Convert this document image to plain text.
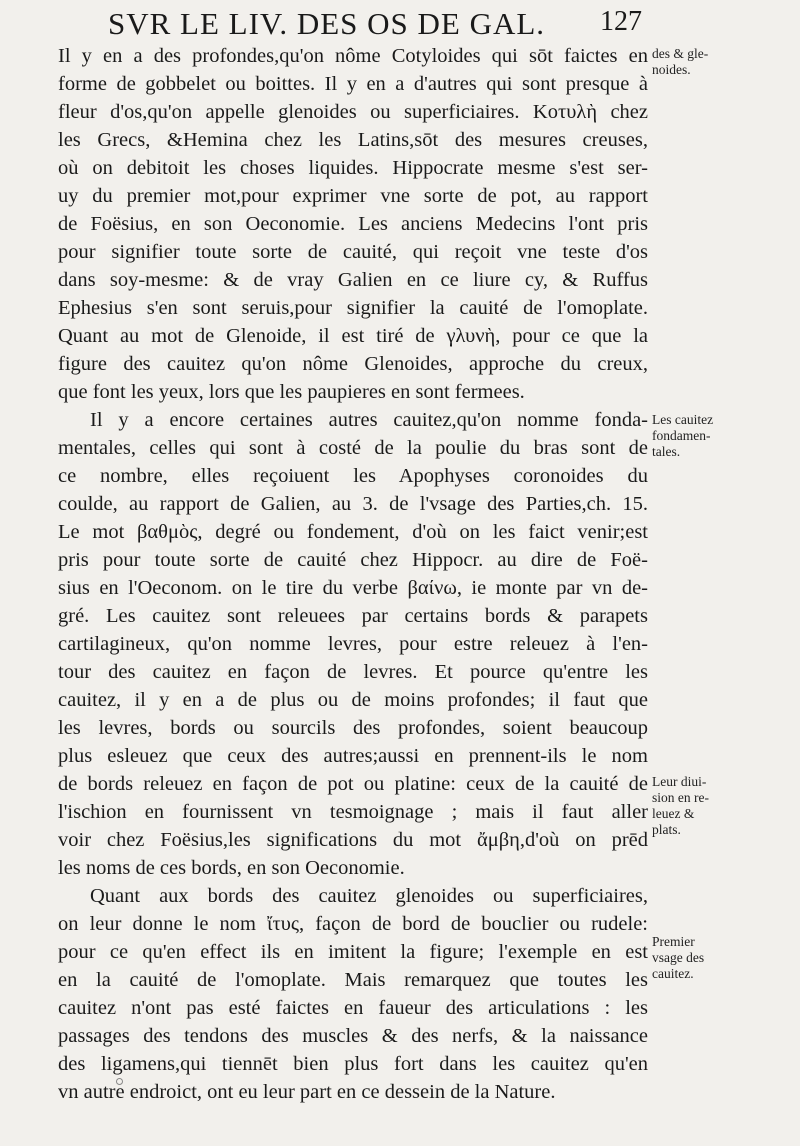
SVR LE LIV. DES OS DE GAL. 127
Il y en a des profondes,qu'on nôme Cotyloides qui sōt faictes en
forme de gobbelet ou boittes. Il y en a d'autres qui sont presque à
fleur d'os,qu'on appelle glenoides ou superficiaires. Κοτυλὴ chez
les Grecs, &Hemina chez les Latins,sōt des mesures creuses,
où on debitoit les choses liquides. Hippocrate mesme s'est ser-
uy du premier mot,pour exprimer vne sorte de pot, au rapport
de Foësius, en son Oeconomie. Les anciens Medecins l'ont pris
pour signifier toute sorte de cauité, qui reçoit vne teste d'os
dans soy-mesme: & de vray Galien en ce liure cy, & Ruffus
Ephesius s'en sont seruis,pour signifier la cauité de l'omoplate.
Quant au mot de Glenoide, il est tiré de γλυνὴ, pour ce que la
figure des cauitez qu'on nôme Glenoides, approche du creux,
que font les yeux, lors que les paupieres en sont fermees.
Il y a encore certaines autres cauitez,qu'on nomme fonda-
mentales, celles qui sont à costé de la poulie du bras sont de
ce nombre, elles reçoiuent les Apophyses coronoides du
coulde, au rapport de Galien, au 3. de l'vsage des Parties,ch. 15.
Le mot βαθμὸς, degré ou fondement, d'où on les faict venir;est
pris pour toute sorte de cauité chez Hippocr. au dire de Foë-
sius en l'Oeconom. on le tire du verbe βαίνω, ie monte par vn de-
gré. Les cauitez sont releuees par certains bords & parapets
cartilagineux, qu'on nomme levres, pour estre releuez à l'en-
tour des cauitez en façon de levres. Et pource qu'entre les
cauitez, il y en a de plus ou de moins profondes; il faut que
les levres, bords ou sourcils des profondes, soient beaucoup
plus esleuez que ceux des autres;aussi en prennent-ils le nom
de bords releuez en façon de pot ou platine: ceux de la cauité de
l'ischion en fournissent vn tesmoignage ; mais il faut aller
voir chez Foësius,les significations du mot ἄμβη,d'où on prēd
les noms de ces bords, en son Oeconomie.
Quant aux bords des cauitez glenoides ou superficiaires,
on leur donne le nom ἴτυς, façon de bord de bouclier ou rudele:
pour ce qu'en effect ils en imitent la figure; l'exemple en est
en la cauité de l'omoplate. Mais remarquez que toutes les
cauitez n'ont pas esté faictes en faueur des articulations : les
passages des tendons des muscles & des nerfs, & la naissance
des ligamens,qui tiennēt bien plus fort dans les cauitez qu'en
vn autre endroict, ont eu leur part en ce dessein de la Nature.
des & gle-
noides.
Les cauitez
fondamen-
tales.
Leur diui-
sion en re-
leuez &
plats.
Premier
vsage des
cauitez.
